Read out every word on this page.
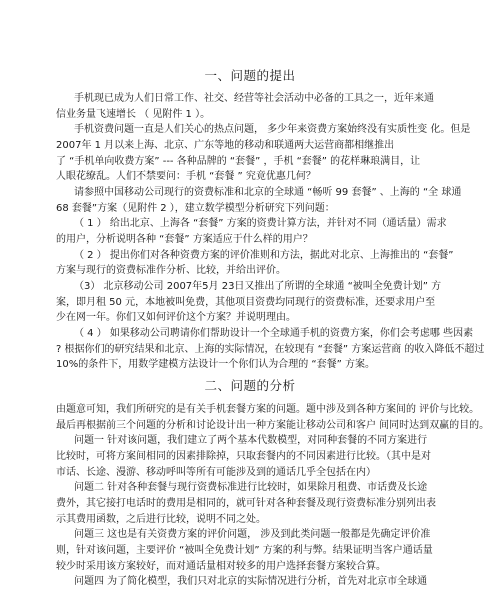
一、问题的提出
手机现已成为人们日常工作、社交、经营等社会活动中必备的工具之一，近年来通
信业务量飞速增长 （ 见附件 1 ）。
手机资费问题一直是人们关心的热点问题， 多少年来资费方案始终没有实质性变 化。但是
2007年 1 月以来上海、北京、广东等地的移动和联通两大运营商都相继推出
了 “手机单向收费方案” --- 各种品牌的 “套餐” ，手机 “套餐” 的花样琳琅满目，让
人眼花缭乱。人们不禁要问：手机 “套餐 ” 究竟优惠几何？
请参照中国移动公司现行的资费标准和北京的全球通 “畅听 99 套餐” 、上海的 “全 球通
68 套餐”方案（见附件 2 ），建立数学模型分析研究下列问题：
（ 1 ） 给出北京、上海各 “套餐” 方案的资费计算方法，并针对不同（通话量）需求
的用户，分析说明各种 “套餐” 方案适应于什么样的用户？
（ 2 ） 提出你们对各种资费方案的评价准则和方法，据此对北京、上海推出的 “套餐”
方案与现行的资费标准作分析、比较，并给出评价。
（3） 北京移动公司 2007年5月 23日又推出了所谓的全球通 “被叫全免费计划” 方
案，即月租 50 元，本地被叫免费，其他项目资费均同现行的资费标准，还要求用户至
少在网一年。你们又如何评价这个方案？并说明理由。
（ 4 ） 如果移动公司聘请你们帮助设计一个全球通手机的资费方案，你们会考虑哪 些因素
? 根据你们的研究结果和北京、上海的实际情况，在较现有 “套餐” 方案运营商 的收入降低不超过
10%的条件下，用数学建模方法设计一个你们认为合理的 “套餐” 方案。
二、问题的分析
由题意可知，我们所研究的是有关手机套餐方案的问题。题中涉及到各种方案间的 评价与比较。
最后再根据前三个问题的分析和讨论设计出一种方案能让移动公司和客户 间同时达到双赢的目的。
问题一 针对该问题，我们建立了两个基本代数模型，对同种套餐的不同方案进行
比较时，可将方案间相同的因素排除掉，只取套餐内的不同因素进行比较。（其中是对
市话、长途、漫游、移动呼叫等所有可能涉及到的通话几乎全包括在内）
问题二 针对各种套餐与现行资费标准进行比较时，如果除月租费、市话费及长途
费外，其它接打电话时的费用是相同的，就可针对各种套餐及现行资费标准分别列出表
示其费用函数，之后进行比较，说明不同之处。
问题三 这也是有关资费方案的评价问题， 涉及到此类问题一般都是先确定评价准
则，针对该问题，主要评价 “被叫全免费计划” 方案的利与弊。结果证明当客户通话量
较少时采用该方案较好，而对通话量相对较多的用户选择套餐方案较合算。
问题四 为了简化模型，我们只对北京的实际情况进行分析，首先对北京市全球通
